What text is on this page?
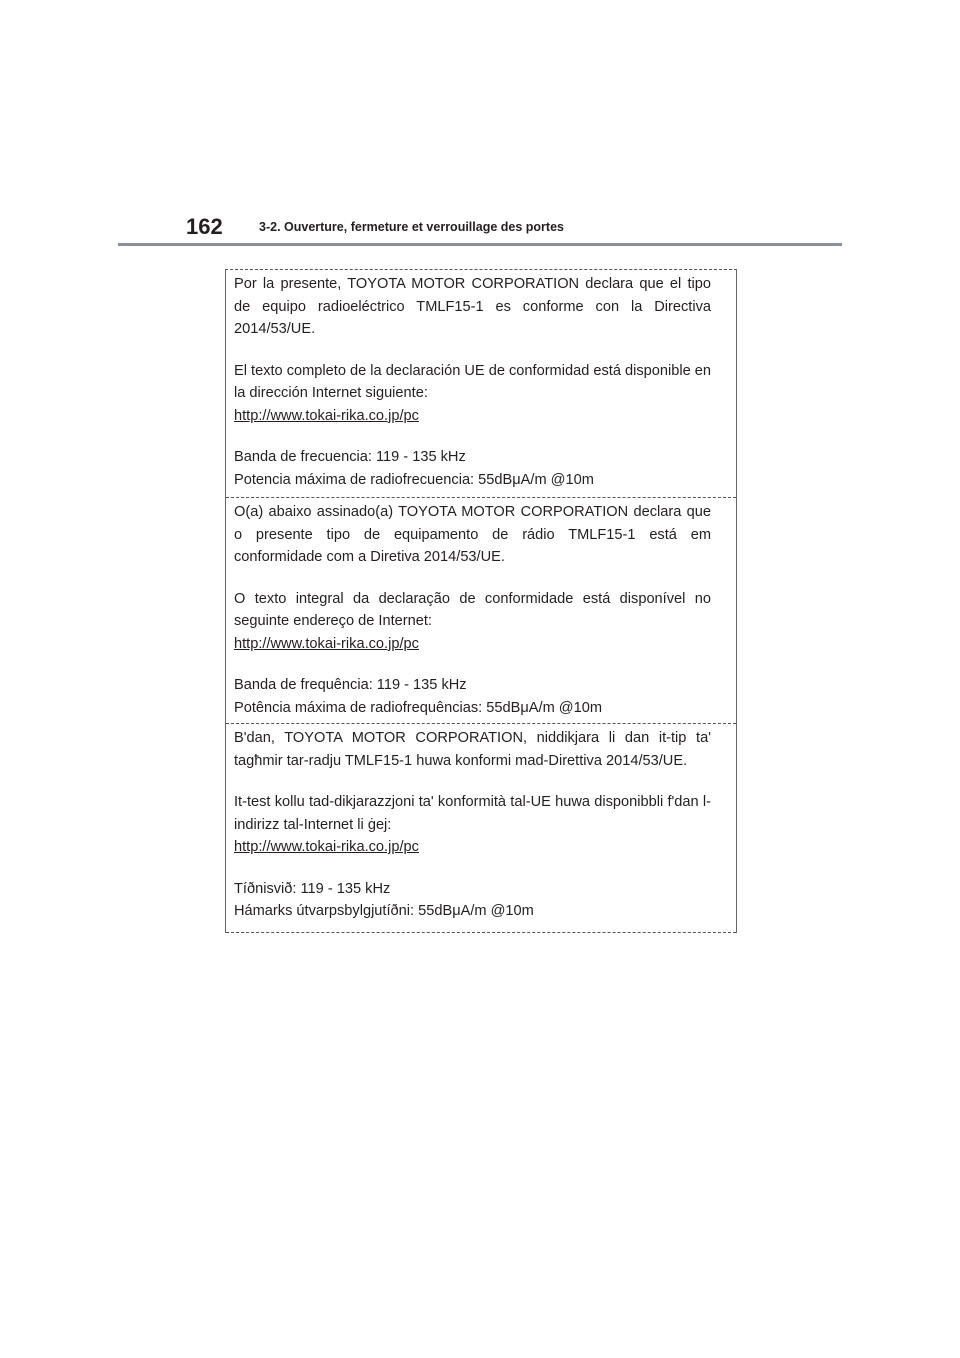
162	3-2. Ouverture, fermeture et verrouillage des portes

Por la presente, TOYOTA MOTOR CORPORATION declara que el tipo de equipo radioeléctrico TMLF15-1 es conforme con la Directiva 2014/53/UE.

El texto completo de la declaración UE de conformidad está disponible en la dirección Internet siguiente:
http://www.tokai-rika.co.jp/pc

Banda de frecuencia: 119 - 135 kHz
Potencia máxima de radiofrecuencia: 55dBμA/m @10m

O(a) abaixo assinado(a) TOYOTA MOTOR CORPORATION declara que o presente tipo de equipamento de rádio TMLF15-1 está em conformidade com a Diretiva 2014/53/UE.

O texto integral da declaração de conformidade está disponível no seguinte endereço de Internet:
http://www.tokai-rika.co.jp/pc

Banda de frequência: 119 - 135 kHz
Potência máxima de radiofrequências: 55dBμA/m @10m

B'dan, TOYOTA MOTOR CORPORATION, niddikjara li dan it-tip ta' tagħmir tar-radju TMLF15-1 huwa konformi mad-Direttiva 2014/53/UE.

It-test kollu tad-dikjarazzjoni ta' konformità tal-UE huwa disponibbli f'dan l-indirizz tal-Internet li ġej:
http://www.tokai-rika.co.jp/pc

Tíðnisvið: 119 - 135 kHz
Hámarks útvarpsbylgjutíðni: 55dBμA/m @10m
